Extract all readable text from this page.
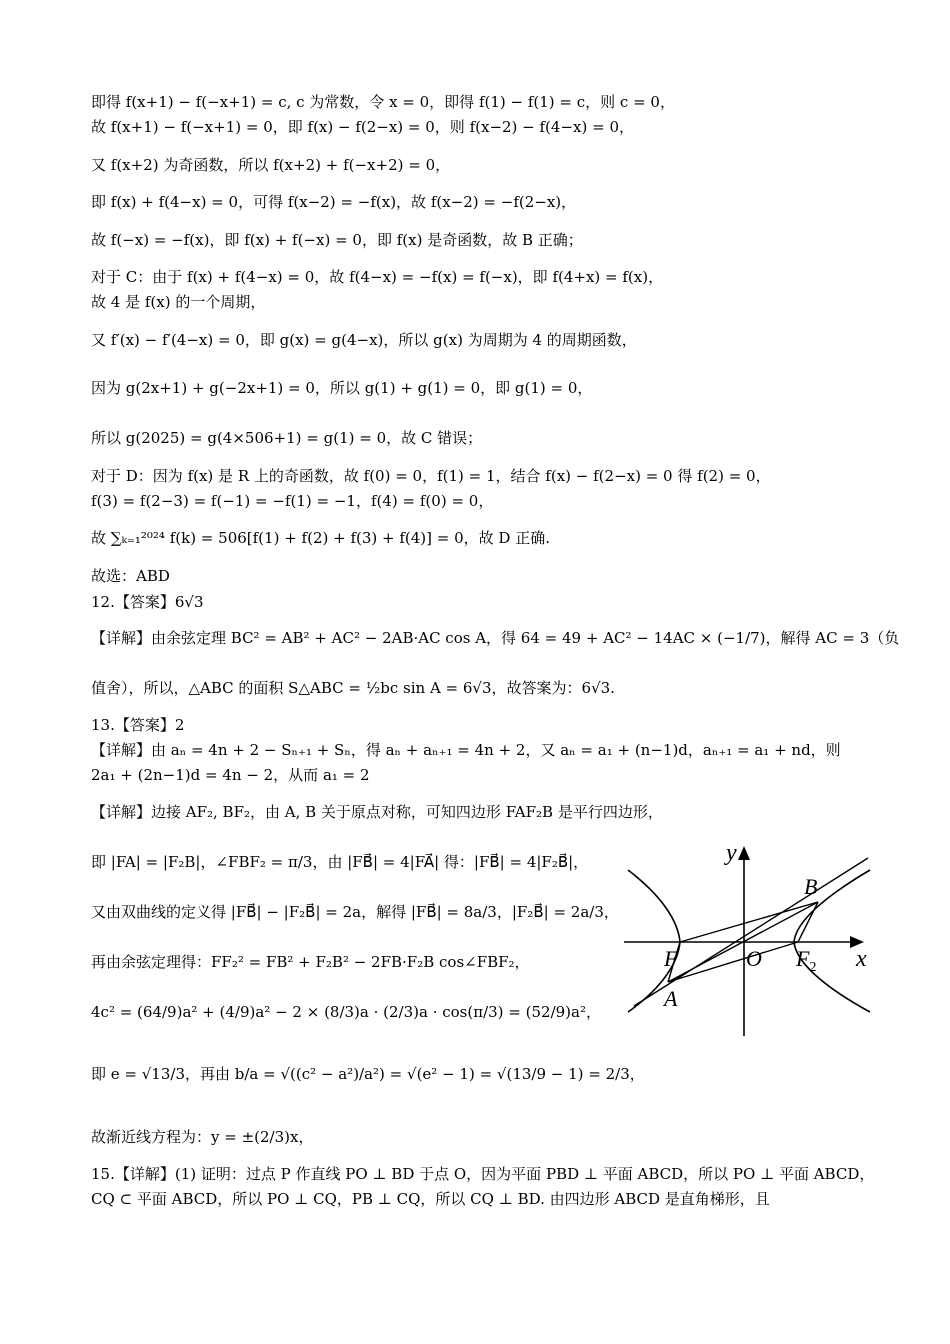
即得 f(x+1) − f(−x+1) = c, c 为常数，令 x = 0，即得 f(1) − f(1) = c，则 c = 0，
故 f(x+1) − f(−x+1) = 0，即 f(x) − f(2−x) = 0，则 f(x−2) − f(4−x) = 0，
又 f(x+2) 为奇函数，所以 f(x+2) + f(−x+2) = 0，
即 f(x) + f(4−x) = 0，可得 f(x−2) = −f(x)，故 f(x−2) = −f(2−x)，
故 f(−x) = −f(x)，即 f(x) + f(−x) = 0，即 f(x) 是奇函数，故 B 正确；
对于 C：由于 f(x) + f(4−x) = 0，故 f(4−x) = −f(x) = f(−x)，即 f(4+x) = f(x)，
故 4 是 f(x) 的一个周期，
又 f′(x) − f′(4−x) = 0，即 g(x) = g(4−x)，所以 g(x) 为周期为 4 的周期函数，
因为 g(2x+1) + g(−2x+1) = 0，所以 g(1) + g(1) = 0，即 g(1) = 0，
所以 g(2025) = g(4×506+1) = g(1) = 0，故 C 错误；
对于 D：因为 f(x) 是 R 上的奇函数，故 f(0) = 0，f(1) = 1，结合 f(x) − f(2−x) = 0 得 f(2) = 0，
f(3) = f(2−3) = f(−1) = −f(1) = −1，f(4) = f(0) = 0，
故 ∑ₖ₌₁²⁰²⁴ f(k) = 506[f(1) + f(2) + f(3) + f(4)] = 0，故 D 正确.
故选：ABD
12.【答案】6√3
【详解】由余弦定理 BC² = AB² + AC² − 2AB·AC cos A，得 64 = 49 + AC² − 14AC × (−1/7)，解得 AC = 3（负
值舍），所以，△ABC 的面积 S△ABC = ½bc sin A = 6√3，故答案为：6√3.
13.【答案】2
【详解】由 aₙ = 4n + 2 − Sₙ₊₁ + Sₙ，得 aₙ + aₙ₊₁ = 4n + 2，又 aₙ = a₁ + (n−1)d，aₙ₊₁ = a₁ + nd，则
2a₁ + (2n−1)d = 4n − 2，从而 a₁ = 2
【详解】边接 AF₂, BF₂，由 A, B 关于原点对称，可知四边形 FAF₂B 是平行四边形，
即 |FA| = |F₂B|，∠FBF₂ = π/3，由 |FB⃗| = 4|FA⃗| 得：|FB⃗| = 4|F₂B⃗|，
又由双曲线的定义得 |FB⃗| − |F₂B⃗| = 2a，解得 |FB⃗| = 8a/3，|F₂B⃗| = 2a/3，
再由余弦定理得：FF₂² = FB² + F₂B² − 2FB·F₂B cos∠FBF₂，
4c² = (64/9)a² + (4/9)a² − 2 × (8/3)a · (2/3)a · cos(π/3) = (52/9)a²，
即 e = √13/3，再由 b/a = √((c² − a²)/a²) = √(e² − 1) = √(13/9 − 1) = 2/3，
故渐近线方程为：y = ±(2/3)x，
15.【详解】(1) 证明：过点 P 作直线 PO ⊥ BD 于点 O，因为平面 PBD ⊥ 平面 ABCD，所以 PO ⊥ 平面 ABCD，
CQ ⊂ 平面 ABCD，所以 PO ⊥ CQ，PB ⊥ CQ，所以 CQ ⊥ BD. 由四边形 ABCD 是直角梯形，且
y
x
B
F	O $F_2$
A
